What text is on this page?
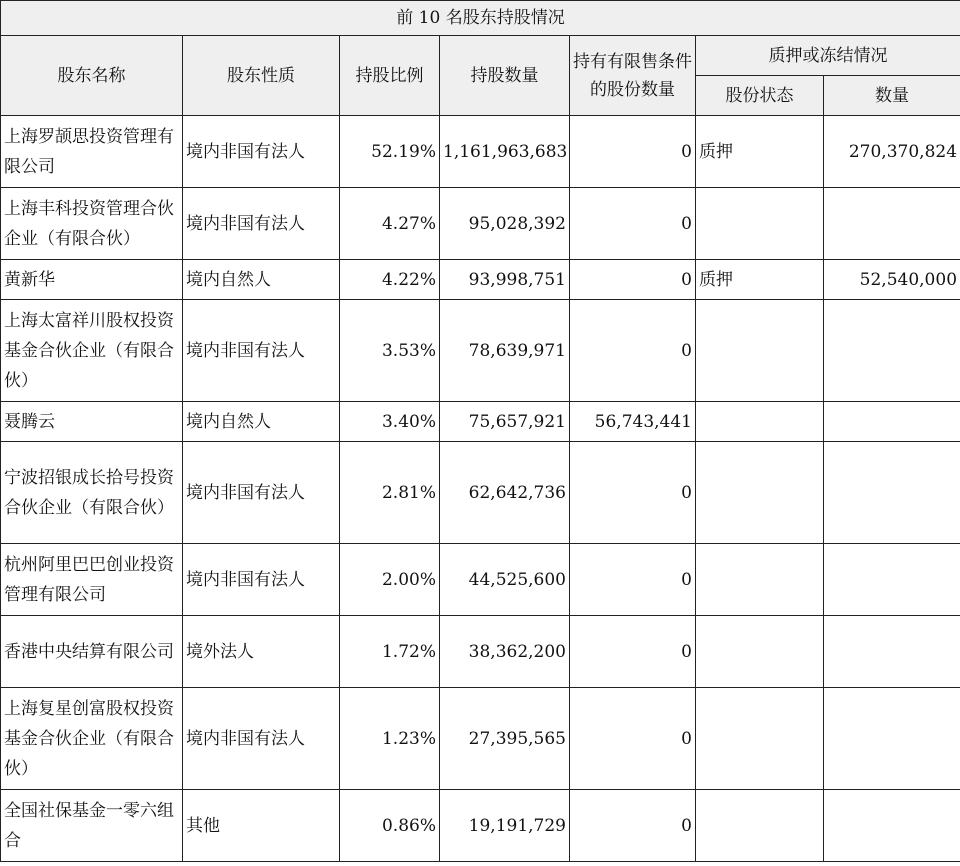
前 10 名股东持股情况						
股东名称	股东性质	持股比例	持股数量	持有有限售条件的股份数量	质押或冻结情况	
					股份状态	数量
上海罗颉思投资管理有限公司	境内非国有法人	52.19%	1,161,963,683	0	质押	270,370,824
上海丰科投资管理合伙企业（有限合伙）	境内非国有法人	4.27%	95,028,392	0		
黄新华	境内自然人	4.22%	93,998,751	0	质押	52,540,000
上海太富祥川股权投资基金合伙企业（有限合伙）	境内非国有法人	3.53%	78,639,971	0		
聂腾云	境内自然人	3.40%	75,657,921	56,743,441		
宁波招银成长拾号投资合伙企业（有限合伙）	境内非国有法人	2.81%	62,642,736	0		
杭州阿里巴巴创业投资管理有限公司	境内非国有法人	2.00%	44,525,600	0		
香港中央结算有限公司	境外法人	1.72%	38,362,200	0		
上海复星创富股权投资基金合伙企业（有限合伙）	境内非国有法人	1.23%	27,395,565	0		
全国社保基金一零六组合	其他	0.86%	19,191,729	0		
